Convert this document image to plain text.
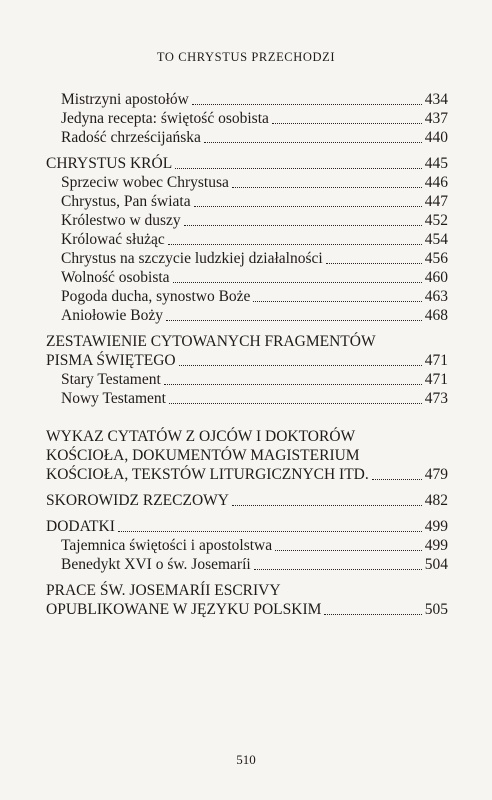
TO CHRYSTUS PRZECHODZI
Mistrzyni apostołów	434
Jedyna recepta: świętość osobista	437
Radość chrześcijańska	440
CHRYSTUS KRÓL	445
Sprzeciw wobec Chrystusa	446
Chrystus, Pan świata	447
Królestwo w duszy	452
Królować służąc	454
Chrystus na szczycie ludzkiej działalności	456
Wolność osobista	460
Pogoda ducha, synostwo Boże	463
Aniołowie Boży	468
ZESTAWIENIE CYTOWANYCH FRAGMENTÓW
PISMA ŚWIĘTEGO	471
Stary Testament	471
Nowy Testament	473
WYKAZ CYTATÓW Z OJCÓW I DOKTORÓW
KOŚCIOŁA, DOKUMENTÓW MAGISTERIUM
KOŚCIOŁA, TEKSTÓW LITURGICZNYCH ITD.	479
SKOROWIDZ RZECZOWY	482
DODATKI	499
Tajemnica świętości i apostolstwa	499
Benedykt XVI o św. Josemaríi	504
PRACE ŚW. JOSEMARÍI ESCRIVY
OPUBLIKOWANE W JĘZYKU POLSKIM	505
510
